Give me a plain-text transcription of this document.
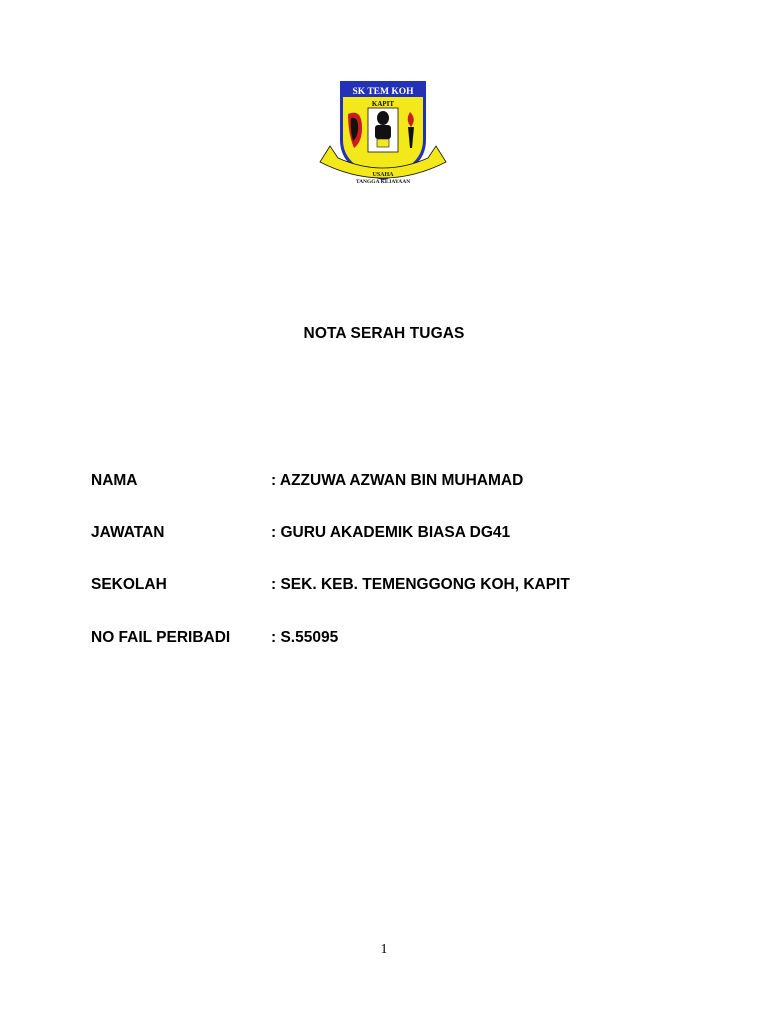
SK TEM KOH
KAPIT
USAHA
TANGGA KEJAYAAN
NOTA SERAH TUGAS
NAMA	: AZZUWA AZWAN BIN MUHAMAD
JAWATAN	: GURU AKADEMIK BIASA DG41
SEKOLAH	: SEK. KEB. TEMENGGONG KOH, KAPIT
NO FAIL PERIBADI	: S.55095
1
